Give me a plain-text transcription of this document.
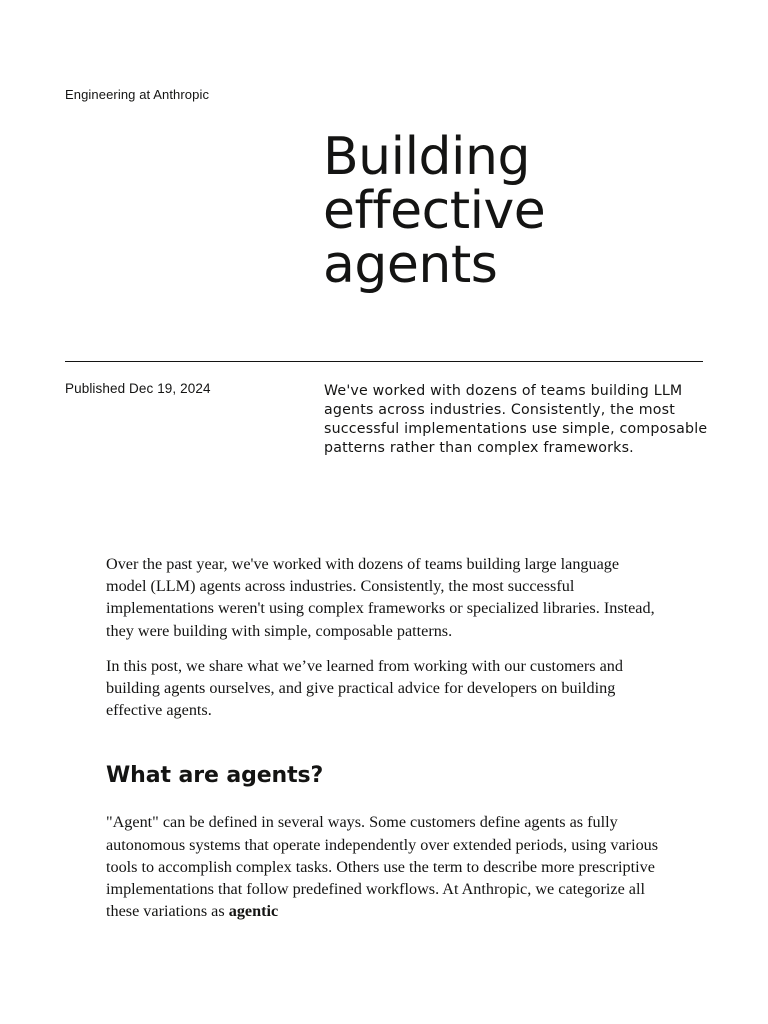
Engineering at Anthropic
Building
effective
agents
Published Dec 19, 2024	We've worked with dozens of teams building LLM agents across industries. Consistently, the most successful implementations use simple, composable patterns rather than complex frameworks.

Over the past year, we've worked with dozens of teams building large language model (LLM) agents across industries. Consistently, the most successful implementations weren't using complex frameworks or specialized libraries. Instead, they were building with simple, composable patterns.

In this post, we share what we’ve learned from working with our customers and building agents ourselves, and give practical advice for developers on building effective agents.

What are agents?

"Agent" can be defined in several ways. Some customers define agents as fully autonomous systems that operate independently over extended periods, using various tools to accomplish complex tasks. Others use the term to describe more prescriptive implementations that follow predefined workflows. At Anthropic, we categorize all these variations as agentic
